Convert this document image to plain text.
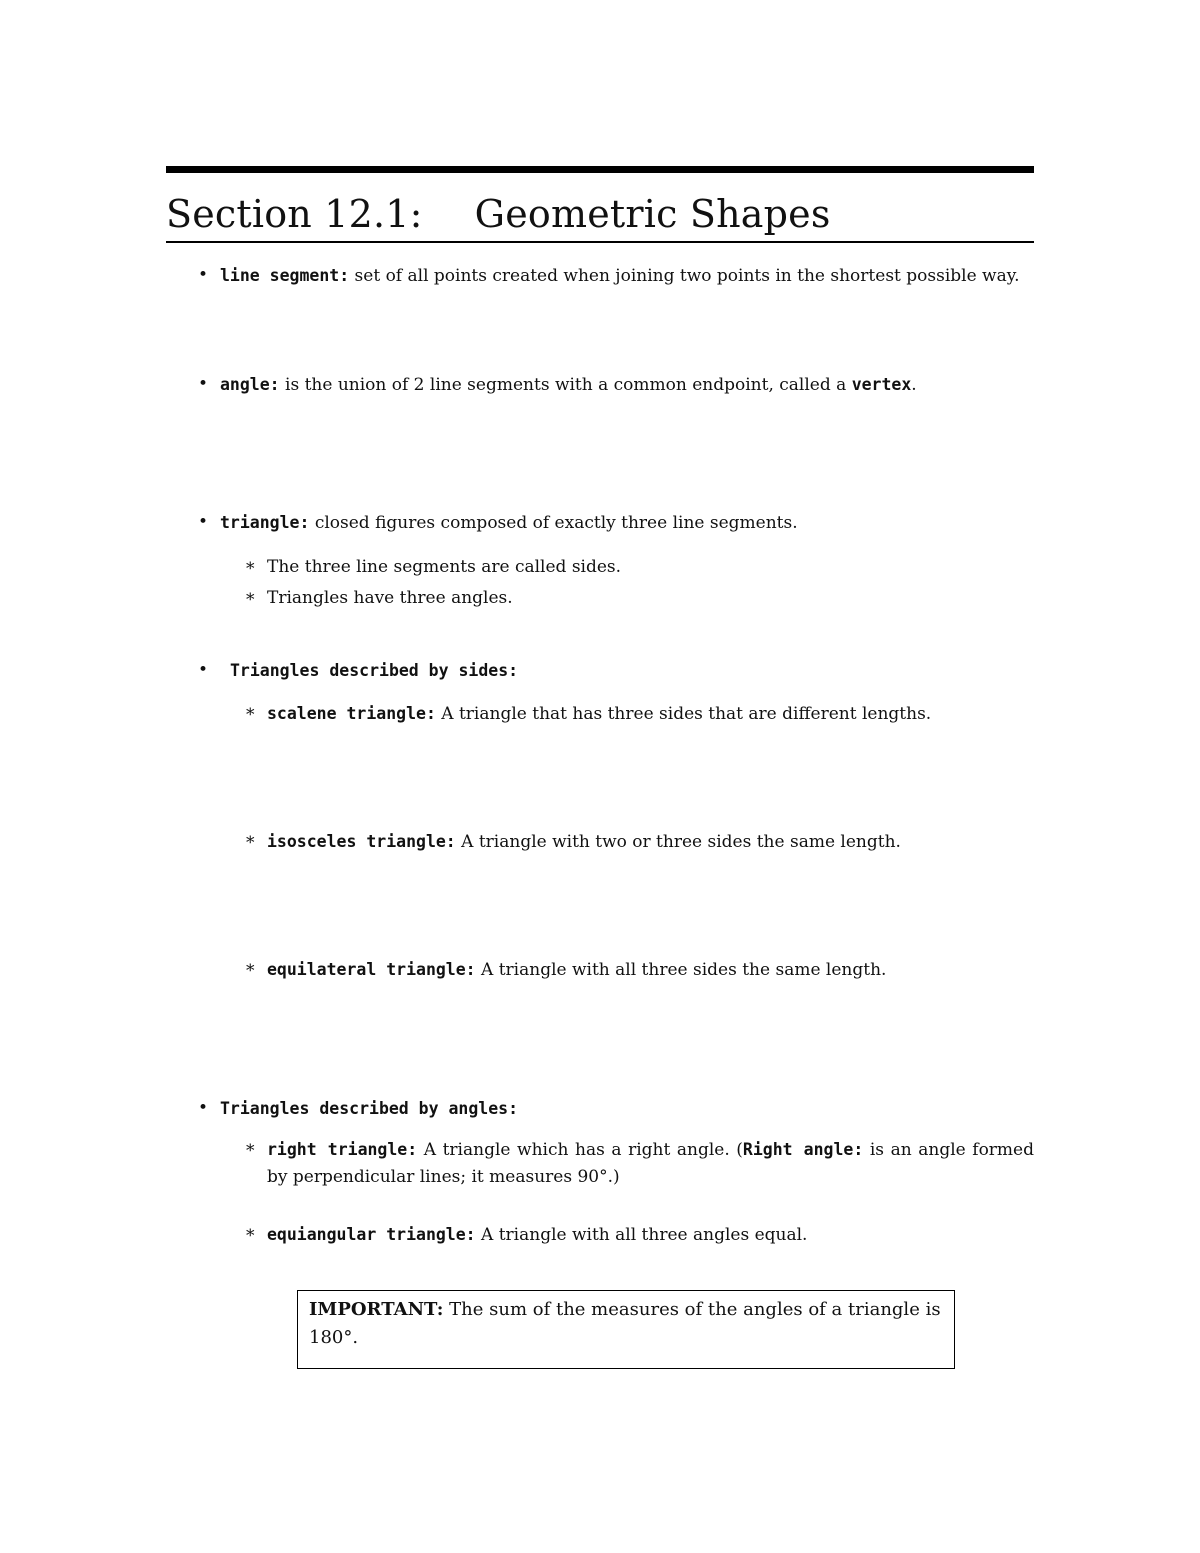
Section 12.1: Geometric Shapes
• line segment: set of all points created when joining two points in the shortest possible way.
• angle: is the union of 2 line segments with a common endpoint, called a vertex.
• triangle: closed figures composed of exactly three line segments.
* The three line segments are called sides.
* Triangles have three angles.
• Triangles described by sides:
* scalene triangle: A triangle that has three sides that are different lengths.
* isosceles triangle: A triangle with two or three sides the same length.
* equilateral triangle: A triangle with all three sides the same length.
• Triangles described by angles:
* right triangle: A triangle which has a right angle. (Right angle: is an angle formed by perpendicular lines; it measures 90°.)
* equiangular triangle: A triangle with all three angles equal.
IMPORTANT: The sum of the measures of the angles of a triangle is 180°.
